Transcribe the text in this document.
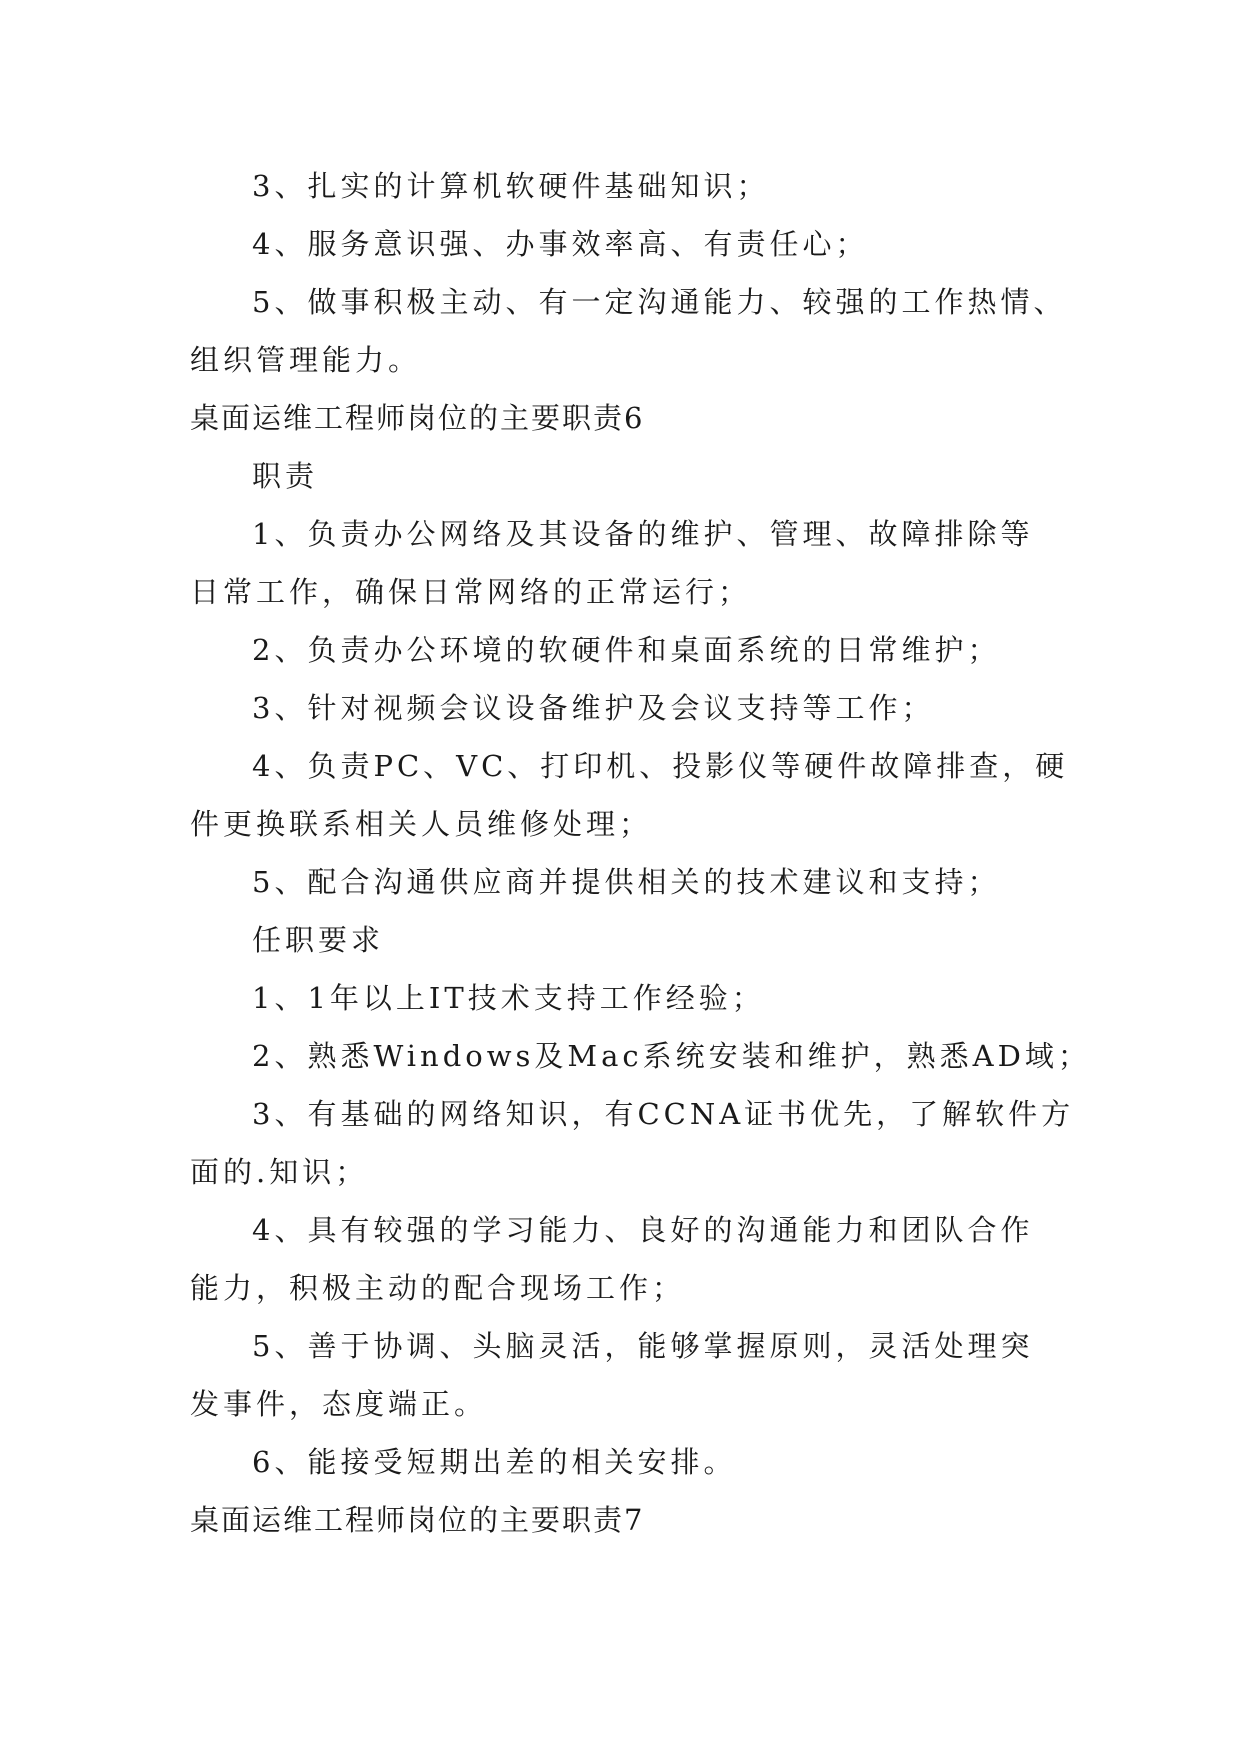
3、扎实的计算机软硬件基础知识；
4、服务意识强、办事效率高、有责任心；
5、做事积极主动、有一定沟通能力、较强的工作热情、
组织管理能力。
桌面运维工程师岗位的主要职责6
职责
1、负责办公网络及其设备的维护、管理、故障排除等
日常工作，确保日常网络的正常运行；
2、负责办公环境的软硬件和桌面系统的日常维护；
3、针对视频会议设备维护及会议支持等工作；
4、负责PC、VC、打印机、投影仪等硬件故障排查，硬
件更换联系相关人员维修处理；
5、配合沟通供应商并提供相关的技术建议和支持；
任职要求
1、1年以上IT技术支持工作经验；
2、熟悉Windows及Mac系统安装和维护，熟悉AD域；
3、有基础的网络知识，有CCNA证书优先，了解软件方
面的.知识；
4、具有较强的学习能力、良好的沟通能力和团队合作
能力，积极主动的配合现场工作；
5、善于协调、头脑灵活，能够掌握原则，灵活处理突
发事件，态度端正。
6、能接受短期出差的相关安排。
桌面运维工程师岗位的主要职责7
